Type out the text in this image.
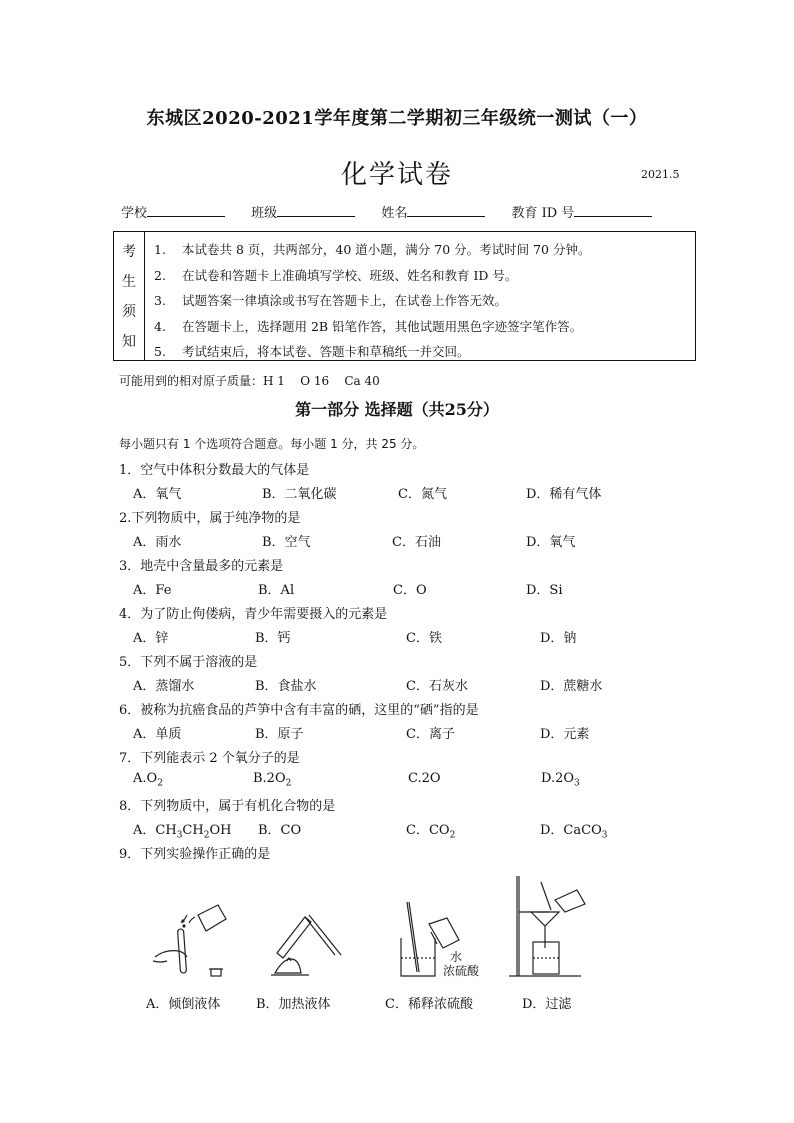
东城区2020-2021学年度第二学期初三年级统一测试（一）
化学试卷	2021.5
学校	班级	姓名	教育 ID 号
考
生
须
知
1. 本试卷共 8 页，共两部分，40 道小题，满分 70 分。考试时间 70 分钟。
2. 在试卷和答题卡上准确填写学校、班级、姓名和教育 ID 号。
3. 试题答案一律填涂或书写在答题卡上，在试卷上作答无效。
4. 在答题卡上，选择题用 2B 铅笔作答，其他试题用黑色字迹签字笔作答。
5. 考试结束后，将本试卷、答题卡和草稿纸一并交回。
可能用到的相对原子质量：H 1    O 16    Ca 40
第一部分 选择题（共25分）
每小题只有 1 个选项符合题意。每小题 1 分，共 25 分。
1．空气中体积分数最大的气体是
A．氧气	B．二氧化碳	C．氮气	D．稀有气体
2.下列物质中，属于纯净物的是
A．雨水	B．空气	C．石油	D．氧气
3．地壳中含量最多的元素是
A．Fe	B．Al	C．O	D．Si
4．为了防止佝偻病，青少年需要摄入的元素是
A．锌	B．钙	C．铁	D．钠
5．下列不属于溶液的是
A．蒸馏水	B．食盐水	C．石灰水	D．蔗糖水
6．被称为抗癌食品的芦笋中含有丰富的硒，这里的“硒”指的是
A．单质	B．原子	C．离子	D．元素
7．下列能表示 2 个氧分子的是
$A.O_2$	$B.2O_2$	C.2O	$D.2O_3$
8．下列物质中，属于有机化合物的是
A．$CH_3CH_2OH$ B．CO	C．$CO_2$	D．CaCO$_3$
9．下列实验操作正确的是
水
浓硫酸
A．倾倒液体	B．加热液体	C．稀释浓硫酸	D．过滤
